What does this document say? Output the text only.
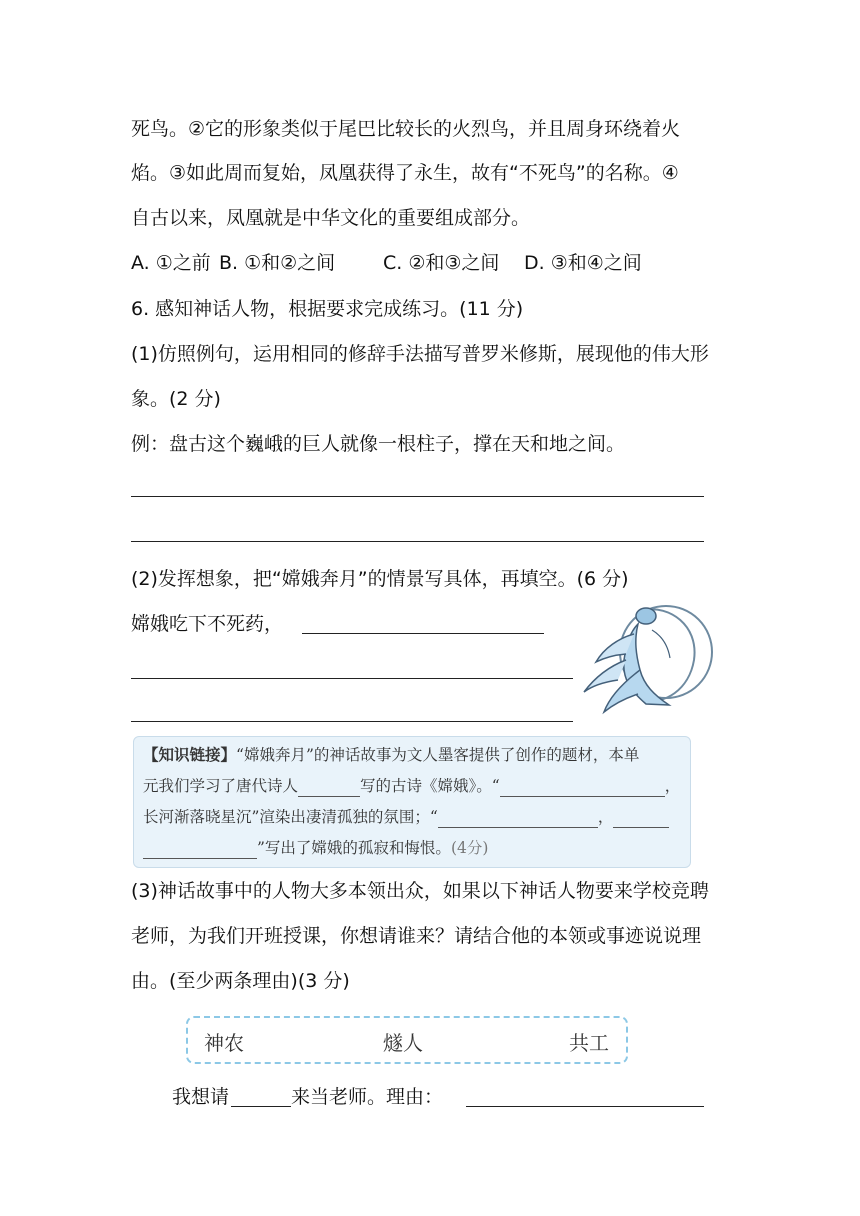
死鸟。②它的形象类似于尾巴比较长的火烈鸟，并且周身环绕着火
焰。③如此周而复始，凤凰获得了永生，故有“不死鸟”的名称。④
自古以来，凤凰就是中华文化的重要组成部分。
A. ①之前 B. ①和②之间	C. ②和③之间 D. ③和④之间
6. 感知神话人物，根据要求完成练习。(11 分)
(1)仿照例句，运用相同的修辞手法描写普罗米修斯，展现他的伟大形
象。(2 分)
例：盘古这个巍峨的巨人就像一根柱子，撑在天和地之间。
(2)发挥想象，把“嫦娥奔月”的情景写具体，再填空。(6 分)
嫦娥吃下不死药，
【知识链接】“嫦娥奔月”的神话故事为文人墨客提供了创作的题材，本单
元我们学习了唐代诗人	写的古诗《嫦娥》。“	，
长河渐落晓星沉”渲染出凄清孤独的氛围；“	，
”写出了嫦娥的孤寂和悔恨。(4分)
(3)神话故事中的人物大多本领出众，如果以下神话人物要来学校竞聘
老师，为我们开班授课，你想请谁来？请结合他的本领或事迹说说理
由。(至少两条理由)(3 分)
神农	燧人	共工
我想请	来当老师。理由：
